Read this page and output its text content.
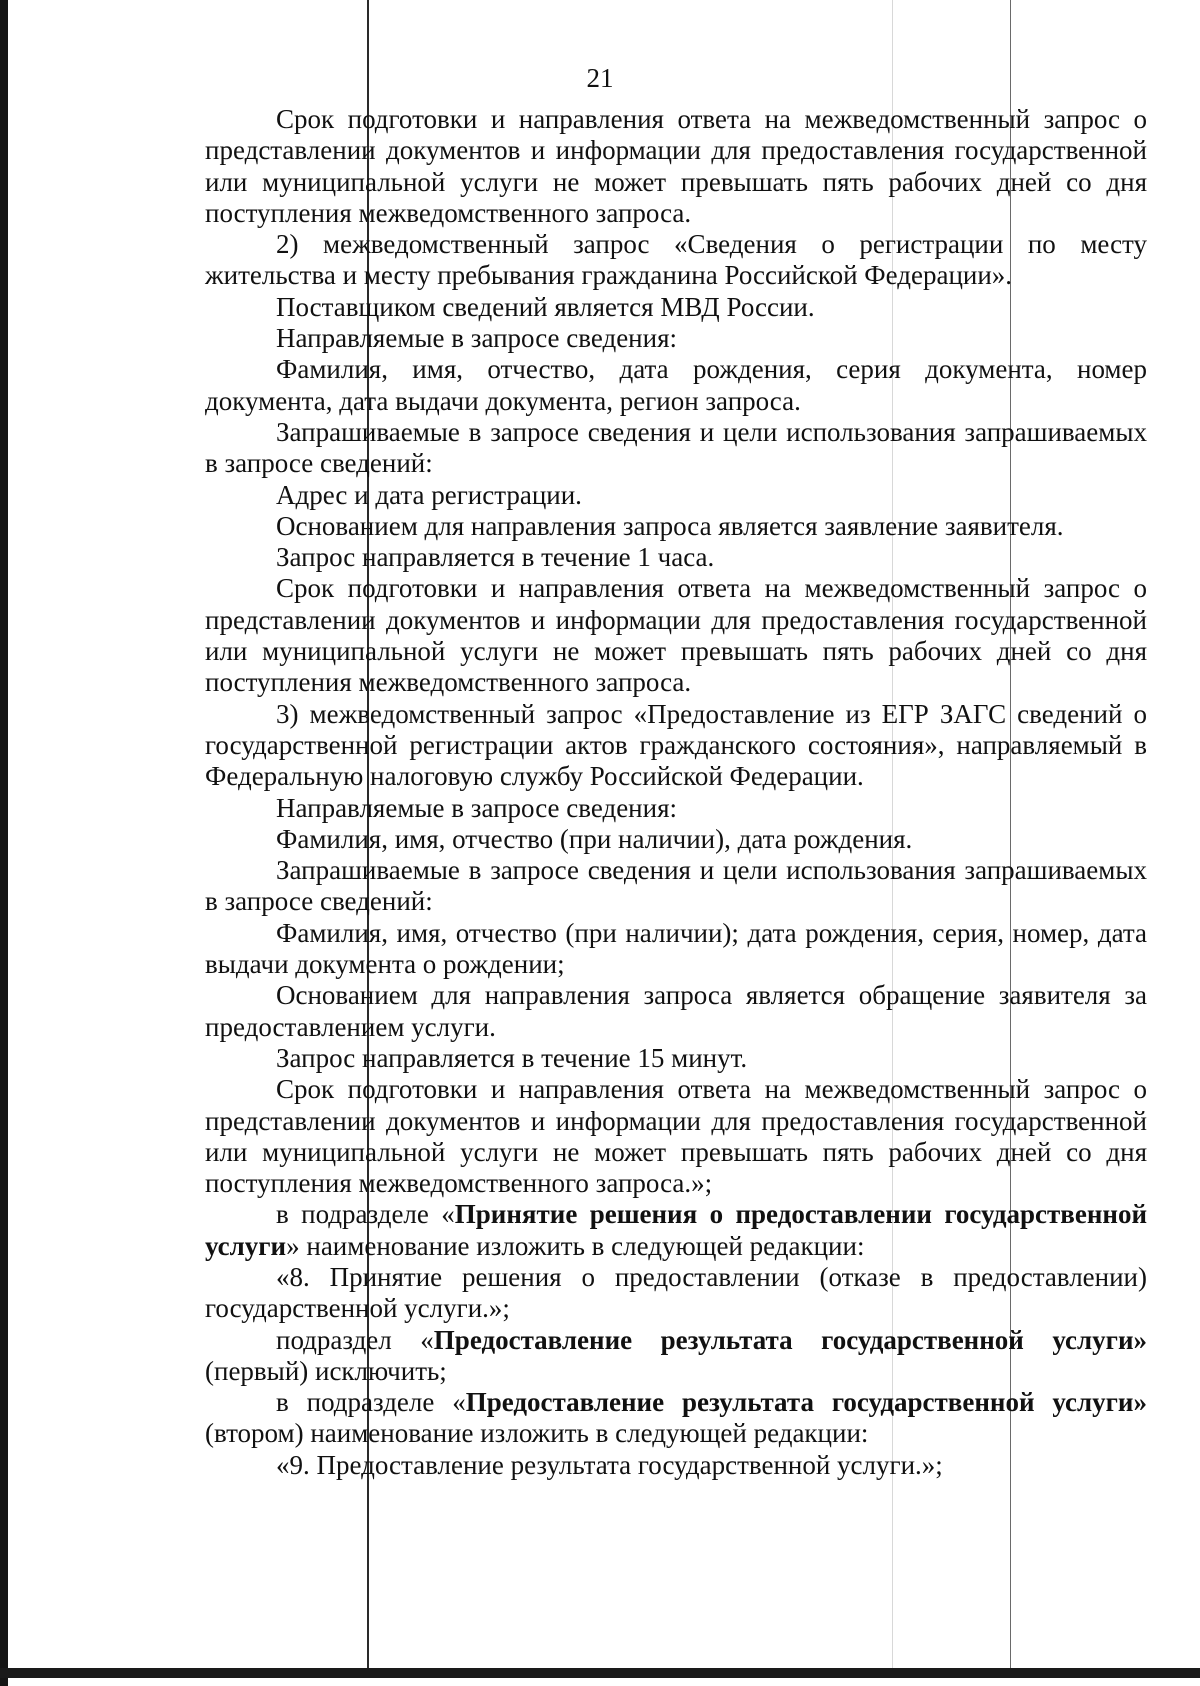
21

Срок подготовки и направления ответа на межведомственный запрос о представлении документов и информации для предоставления государственной или муниципальной услуги не может превышать пять рабочих дней со дня поступления межведомственного запроса.

2) межведомственный запрос «Сведения о регистрации по месту жительства и месту пребывания гражданина Российской Федерации».

Поставщиком сведений является МВД России.

Направляемые в запросе сведения:

Фамилия, имя, отчество, дата рождения, серия документа, номер документа, дата выдачи документа, регион запроса.

Запрашиваемые в запросе сведения и цели использования запрашиваемых в запросе сведений:

Адрес и дата регистрации.

Основанием для направления запроса является заявление заявителя.

Запрос направляется в течение 1 часа.

Срок подготовки и направления ответа на межведомственный запрос о представлении документов и информации для предоставления государственной или муниципальной услуги не может превышать пять рабочих дней со дня поступления межведомственного запроса.

3) межведомственный запрос «Предоставление из ЕГР ЗАГС сведений о государственной регистрации актов гражданского состояния», направляемый в Федеральную налоговую службу Российской Федерации.

Направляемые в запросе сведения:

Фамилия, имя, отчество (при наличии), дата рождения.

Запрашиваемые в запросе сведения и цели использования запрашиваемых в запросе сведений:

Фамилия, имя, отчество (при наличии); дата рождения, серия, номер, дата выдачи документа о рождении;

Основанием для направления запроса является обращение заявителя за предоставлением услуги.

Запрос направляется в течение 15 минут.

Срок подготовки и направления ответа на межведомственный запрос о представлении документов и информации для предоставления государственной или муниципальной услуги не может превышать пять рабочих дней со дня поступления межведомственного запроса.»;

в подразделе «Принятие решения о предоставлении государственной услуги» наименование изложить в следующей редакции:

«8. Принятие решения о предоставлении (отказе в предоставлении) государственной услуги.»;

подраздел «Предоставление результата государственной услуги» (первый) исключить;

в подразделе «Предоставление результата государственной услуги» (втором) наименование изложить в следующей редакции:

«9. Предоставление результата государственной услуги.»;
